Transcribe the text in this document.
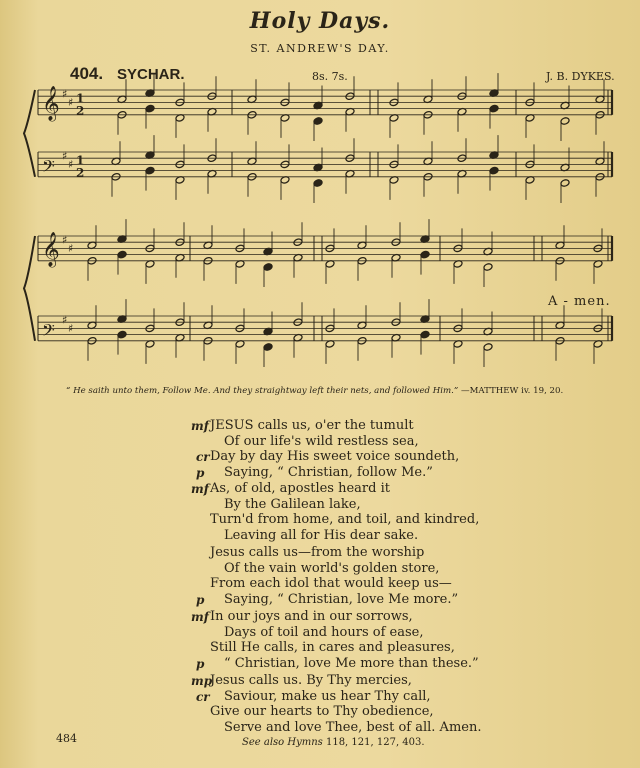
Holy Days.
ST. ANDREW'S DAY.
404. SYCHAR.	8s. 7s.	J. B. DYKES.
𝄞 ♯
♯ 1
2
𝄢 ♯
♯ 1
2
𝄞 ♯
♯
𝄢 ♯
♯
A - men.
“ He saith unto them, Follow Me. And they straightway left their nets, and followed Him.” —MATTHEW iv. 19, 20.
JESUS calls us, o'er the tumult
mf
Of our life's wild restless sea,
Day by day His sweet voice soundeth,
cr
Saying, “ Christian, follow Me.”
p
As, of old, apostles heard it
mf
By the Galilean lake,
Turn'd from home, and toil, and kindred,
Leaving all for His dear sake.
Jesus calls us—from the worship
Of the vain world's golden store,
From each idol that would keep us—
Saying, “ Christian, love Me more.”
p
In our joys and in our sorrows,
mf
Days of toil and hours of ease,
Still He calls, in cares and pleasures,
“ Christian, love Me more than these.”
p
Jesus calls us. By Thy mercies,
mp
Saviour, make us hear Thy call,
cr
Give our hearts to Thy obedience,
Serve and love Thee, best of all. Amen.
484	See also Hymns 118, 121, 127, 403.
